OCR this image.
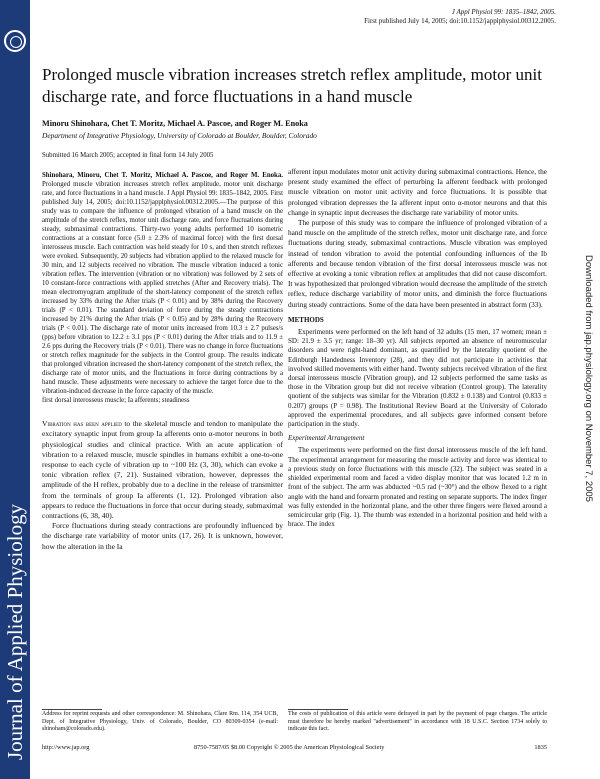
Journal of Applied Physiology
Downloaded from jap.physiology.org on November 7, 2005
J Appl Physiol 99: 1835–1842, 2005.
First published July 14, 2005; doi:10.1152/japplphysiol.00312.2005.
Prolonged muscle vibration increases stretch reflex amplitude, motor unit discharge rate, and force fluctuations in a hand muscle
Minoru Shinohara, Chet T. Moritz, Michael A. Pascoe, and Roger M. Enoka
Department of Integrative Physiology, University of Colorado at Boulder, Boulder, Colorado
Submitted 16 March 2005; accepted in final form 14 July 2005

Shinohara, Minoru, Chet T. Moritz, Michael A. Pascoe, and Roger M. Enoka. Prolonged muscle vibration increases stretch reflex amplitude, motor unit discharge rate, and force fluctuations in a hand muscle. J Appl Physiol 99: 1835–1842, 2005. First published July 14, 2005; doi:10.1152/japplphysiol.00312.2005.—The purpose of this study was to compare the influence of prolonged vibration of a hand muscle on the amplitude of the stretch reflex, motor unit discharge rate, and force fluctuations during steady, submaximal contractions. Thirty-two young adults performed 10 isometric contractions at a constant force (5.0 ± 2.3% of maximal force) with the first dorsal interosseus muscle. Each contraction was held steady for 10 s, and then stretch reflexes were evoked. Subsequently, 20 subjects had vibration applied to the relaxed muscle for 30 min, and 12 subjects received no vibration. The muscle vibration induced a tonic vibration reflex. The intervention (vibration or no vibration) was followed by 2 sets of 10 constant-force contractions with applied stretches (After and Recovery trials). The mean electromyogram amplitude of the short-latency component of the stretch reflex increased by 33% during the After trials (P < 0.01) and by 38% during the Recovery trials (P < 0.01). The standard deviation of force during the steady contractions increased by 21% during the After trials (P < 0.05) and by 28% during the Recovery trials (P < 0.01). The discharge rate of motor units increased from 10.3 ± 2.7 pulses/s (pps) before vibration to 12.2 ± 3.1 pps (P < 0.01) during the After trials and to 11.9 ± 2.6 pps during the Recovery trials (P < 0.01). There was no change in force fluctuations or stretch reflex magnitude for the subjects in the Control group. The results indicate that prolonged vibration increased the short-latency component of the stretch reflex, the discharge rate of motor units, and the fluctuations in force during contractions by a hand muscle. These adjustments were necessary to achieve the target force due to the vibration-induced decrease in the force capacity of the muscle.

first dorsal interosseus muscle; Ia afferents; steadiness

Vibration has been applied to the skeletal muscle and tendon to manipulate the excitatory synaptic input from group Ia afferents onto α-motor neurons in both physiological studies and clinical practice. With an acute application of vibration to a relaxed muscle, muscle spindles in humans exhibit a one-to-one response to each cycle of vibration up to ~100 Hz (3, 30), which can evoke a tonic vibration reflex (7, 21). Sustained vibration, however, depresses the amplitude of the H reflex, probably due to a decline in the release of transmitter from the terminals of group Ia afferents (1, 12). Prolonged vibration also appears to reduce the fluctuations in force that occur during steady, submaximal contractions (6, 38, 40).

Force fluctuations during steady contractions are profoundly influenced by the discharge rate variability of motor units (17, 26). It is unknown, however, how the alteration in the Ia

afferent input modulates motor unit activity during submaximal contractions. Hence, the present study examined the effect of perturbing Ia afferent feedback with prolonged muscle vibration on motor unit activity and force fluctuations. It is possible that prolonged vibration depresses the Ia afferent input onto α-motor neurons and that this change in synaptic input decreases the discharge rate variability of motor units.

The purpose of this study was to compare the influence of prolonged vibration of a hand muscle on the amplitude of the stretch reflex, motor unit discharge rate, and force fluctuations during steady, submaximal contractions. Muscle vibration was employed instead of tendon vibration to avoid the potential confounding influences of the Ib afferents and because tendon vibration of the first dorsal interosseus muscle was not effective at evoking a tonic vibration reflex at amplitudes that did not cause discomfort. It was hypothesized that prolonged vibration would decrease the amplitude of the stretch reflex, reduce discharge variability of motor units, and diminish the force fluctuations during steady contractions. Some of the data have been presented in abstract form (33).

METHODS

Experiments were performed on the left hand of 32 adults (15 men, 17 women; mean ± SD: 21.9 ± 3.5 yr; range: 18–30 yr). All subjects reported an absence of neuromuscular disorders and were right-hand dominant, as quantified by the laterality quotient of the Edinburgh Handedness Inventory (28), and they did not participate in activities that involved skilled movements with either hand. Twenty subjects received vibration of the first dorsal interosseus muscle (Vibration group), and 12 subjects performed the same tasks as those in the Vibration group but did not receive vibration (Control group). The laterality quotient of the subjects was similar for the Vibration (0.832 ± 0.138) and Control (0.833 ± 0.207) groups (P = 0.98). The Institutional Review Board at the University of Colorado approved the experimental procedures, and all subjects gave informed consent before participation in the study.

Experimental Arrangement

The experiments were performed on the first dorsal interosseus muscle of the left hand. The experimental arrangement for measuring the muscle activity and force was identical to a previous study on force fluctuations with this muscle (32). The subject was seated in a shielded experimental room and faced a video display monitor that was located 1.2 m in front of the subject. The arm was abducted ~0.5 rad (~30°) and the elbow flexed to a right angle with the hand and forearm pronated and resting on separate supports. The index finger was fully extended in the horizontal plane, and the other three fingers were flexed around a semicircular grip (Fig. 1). The thumb was extended in a horizontal position and held with a brace. The index

Address for reprint requests and other correspondence: M. Shinohara, Clare Rm. 114, 354 UCB, Dept. of Integrative Physiology, Univ. of Colorado, Boulder, CO 80309-0354 (e-mail: shinoham@colorado.edu).
The costs of publication of this article were defrayed in part by the payment of page charges. The article must therefore be hereby marked "advertisement" in accordance with 18 U.S.C. Section 1734 solely to indicate this fact.
http://www.jap.org	8750-7587/05 $8.00 Copyright © 2005 the American Physiological Society	1835
